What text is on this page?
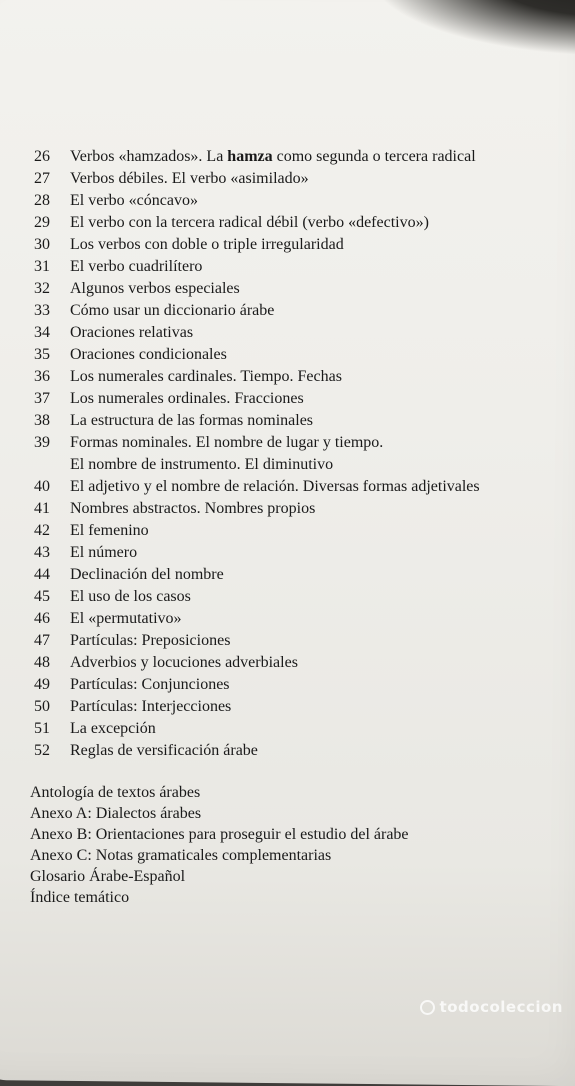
26	Verbos «hamzados». La hamza como segunda o tercera radical
27	Verbos débiles. El verbo «asimilado»
28	El verbo «cóncavo»
29	El verbo con la tercera radical débil (verbo «defectivo»)
30	Los verbos con doble o triple irregularidad
31	El verbo cuadrilítero
32	Algunos verbos especiales
33	Cómo usar un diccionario árabe
34	Oraciones relativas
35	Oraciones condicionales
36	Los numerales cardinales. Tiempo. Fechas
37	Los numerales ordinales. Fracciones
38	La estructura de las formas nominales
39	Formas nominales. El nombre de lugar y tiempo.
El nombre de instrumento. El diminutivo
40	El adjetivo y el nombre de relación. Diversas formas adjetivales
41	Nombres abstractos. Nombres propios
42	El femenino
43	El número
44	Declinación del nombre
45	El uso de los casos
46	El «permutativo»
47	Partículas: Preposiciones
48	Adverbios y locuciones adverbiales
49	Partículas: Conjunciones
50	Partículas: Interjecciones
51	La excepción
52	Reglas de versificación árabe
Antología de textos árabes
Anexo A: Dialectos árabes
Anexo B: Orientaciones para proseguir el estudio del árabe
Anexo C: Notas gramaticales complementarias
Glosario Árabe-Español
Índice temático
todocoleccion
